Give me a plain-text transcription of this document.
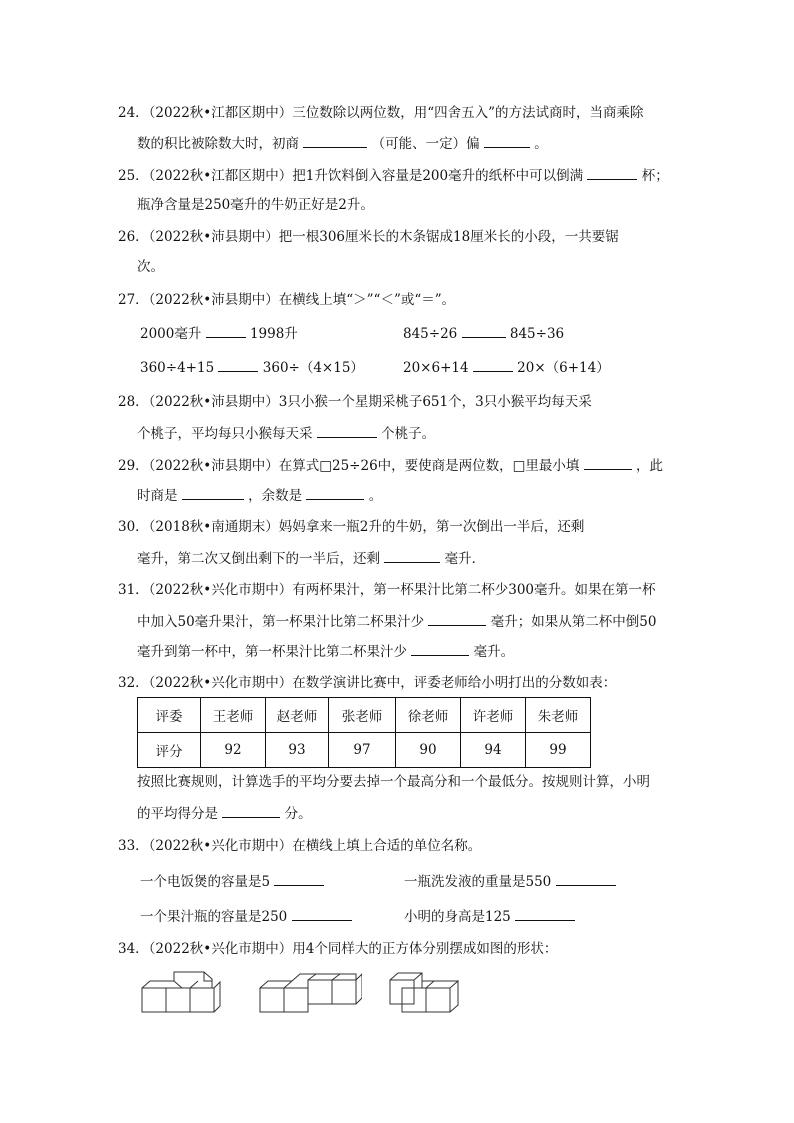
24．（2022秋•江都区期中）三位数除以两位数，用“四舍五入”的方法试商时，当商乘除
数的积比被除数大时，初商	（可能、一定）偏	。
25．（2022秋•江都区期中）把1升饮料倒入容量是200毫升的纸杯中可以倒满	杯；
瓶净含量是250毫升的牛奶正好是2升。
26．（2022秋•沛县期中）把一根306厘米长的木条锯成18厘米长的小段，一共要锯
次。
27．（2022秋•沛县期中）在横线上填“＞”“＜”或“＝”。
2000毫升	1998升	845÷26	845÷36
360÷4+15	360÷（4×15）	20×6+14	20×（6+14）
28．（2022秋•沛县期中）3只小猴一个星期采桃子651个，3只小猴平均每天采
个桃子，平均每只小猴每天采	个桃子。
29．（2022秋•沛县期中）在算式□25÷26中，要使商是两位数，□里最小填	，此
时商是	，余数是	。
30．（2018秋•南通期末）妈妈拿来一瓶2升的牛奶，第一次倒出一半后，还剩
毫升，第二次又倒出剩下的一半后，还剩	毫升．
31．（2022秋•兴化市期中）有两杯果汁，第一杯果汁比第二杯少300毫升。如果在第一杯
中加入50毫升果汁，第一杯果汁比第二杯果汁少	毫升；如果从第二杯中倒50
毫升到第一杯中，第一杯果汁比第二杯果汁少	毫升。
32．（2022秋•兴化市期中）在数学演讲比赛中，评委老师给小明打出的分数如表：
评委	王老师	赵老师	张老师	徐老师	许老师	朱老师
评分	92	93	97	90	94	99
按照比赛规则，计算选手的平均分要去掉一个最高分和一个最低分。按规则计算，小明
的平均得分是	分。
33．（2022秋•兴化市期中）在横线上填上合适的单位名称。
一个电饭煲的容量是5	一瓶洗发液的重量是550
一个果汁瓶的容量是250	小明的身高是125
34．（2022秋•兴化市期中）用4个同样大的正方体分别摆成如图的形状：
